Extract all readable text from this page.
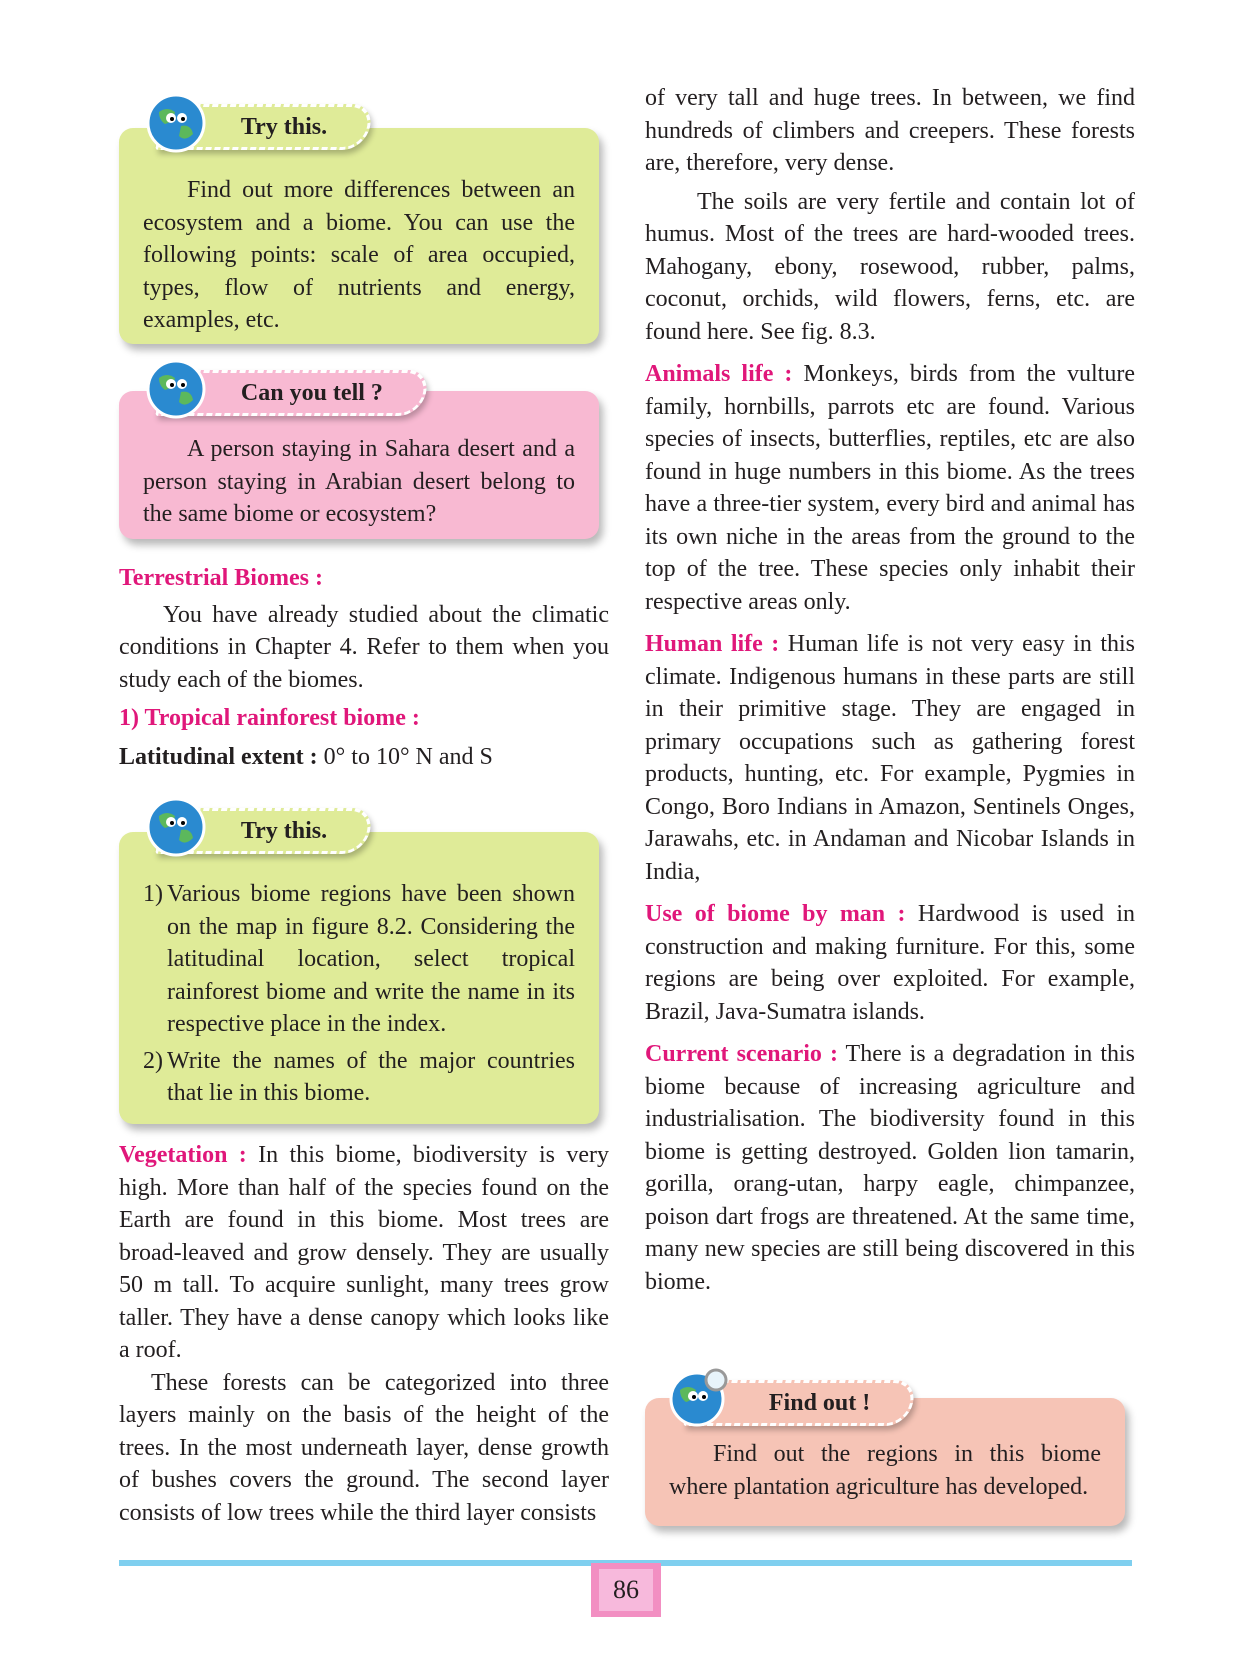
Find out more differences between an ecosystem and a biome. You can use the following points: scale of area occupied, types, flow of nutrients and energy, examples, etc.

Try this.

A person staying in Sahara desert and a person staying in Arabian desert belong to the same biome or ecosystem?

Can you tell ?

Terrestrial Biomes :

You have already studied about the climatic conditions in Chapter 4. Refer to them when you study each of the biomes.

1) Tropical rainforest biome :

Latitudinal extent : 0° to 10° N and S

1) Various biome regions have been shown on the map in figure 8.2. Considering the latitudinal location, select tropical rainforest biome and write the name in its respective place in the index.

2) Write the names of the major countries that lie in this biome.

Try this.

Vegetation : In this biome, biodiversity is very high. More than half of the species found on the Earth are found in this biome. Most trees are broad-leaved and grow densely. They are usually 50 m tall. To acquire sunlight, many trees grow taller. They have a dense canopy which looks like a roof.

These forests can be categorized into three layers mainly on the basis of the height of the trees. In the most underneath layer, dense growth of bushes covers the ground. The second layer consists of low trees while the third layer consists

of very tall and huge trees. In between, we find hundreds of climbers and creepers. These forests are, therefore, very dense.

The soils are very fertile and contain lot of humus. Most of the trees are hard-wooded trees. Mahogany, ebony, rosewood, rubber, palms, coconut, orchids, wild flowers, ferns, etc. are found here. See fig. 8.3.

Animals life : Monkeys, birds from the vulture family, hornbills, parrots etc are found. Various species of insects, butterflies, reptiles, etc are also found in huge numbers in this biome. As the trees have a three-tier system, every bird and animal has its own niche in the areas from the ground to the top of the tree. These species only inhabit their respective areas only.

Human life : Human life is not very easy in this climate. Indigenous humans in these parts are still in their primitive stage. They are engaged in primary occupations such as gathering forest products, hunting, etc. For example, Pygmies in Congo, Boro Indians in Amazon, Sentinels Onges, Jarawahs, etc. in Andaman and Nicobar Islands in India,

Use of biome by man : Hardwood is used in construction and making furniture. For this, some regions are being over exploited. For example, Brazil, Java-Sumatra islands.

Current scenario : There is a degradation in this biome because of increasing agriculture and industrialisation. The biodiversity found in this biome is getting destroyed. Golden lion tamarin, gorilla, orang-utan, harpy eagle, chimpanzee, poison dart frogs are threatened. At the same time, many new species are still being discovered in this biome.

Find out the regions in this biome where plantation agriculture has developed.

Find out !
86
